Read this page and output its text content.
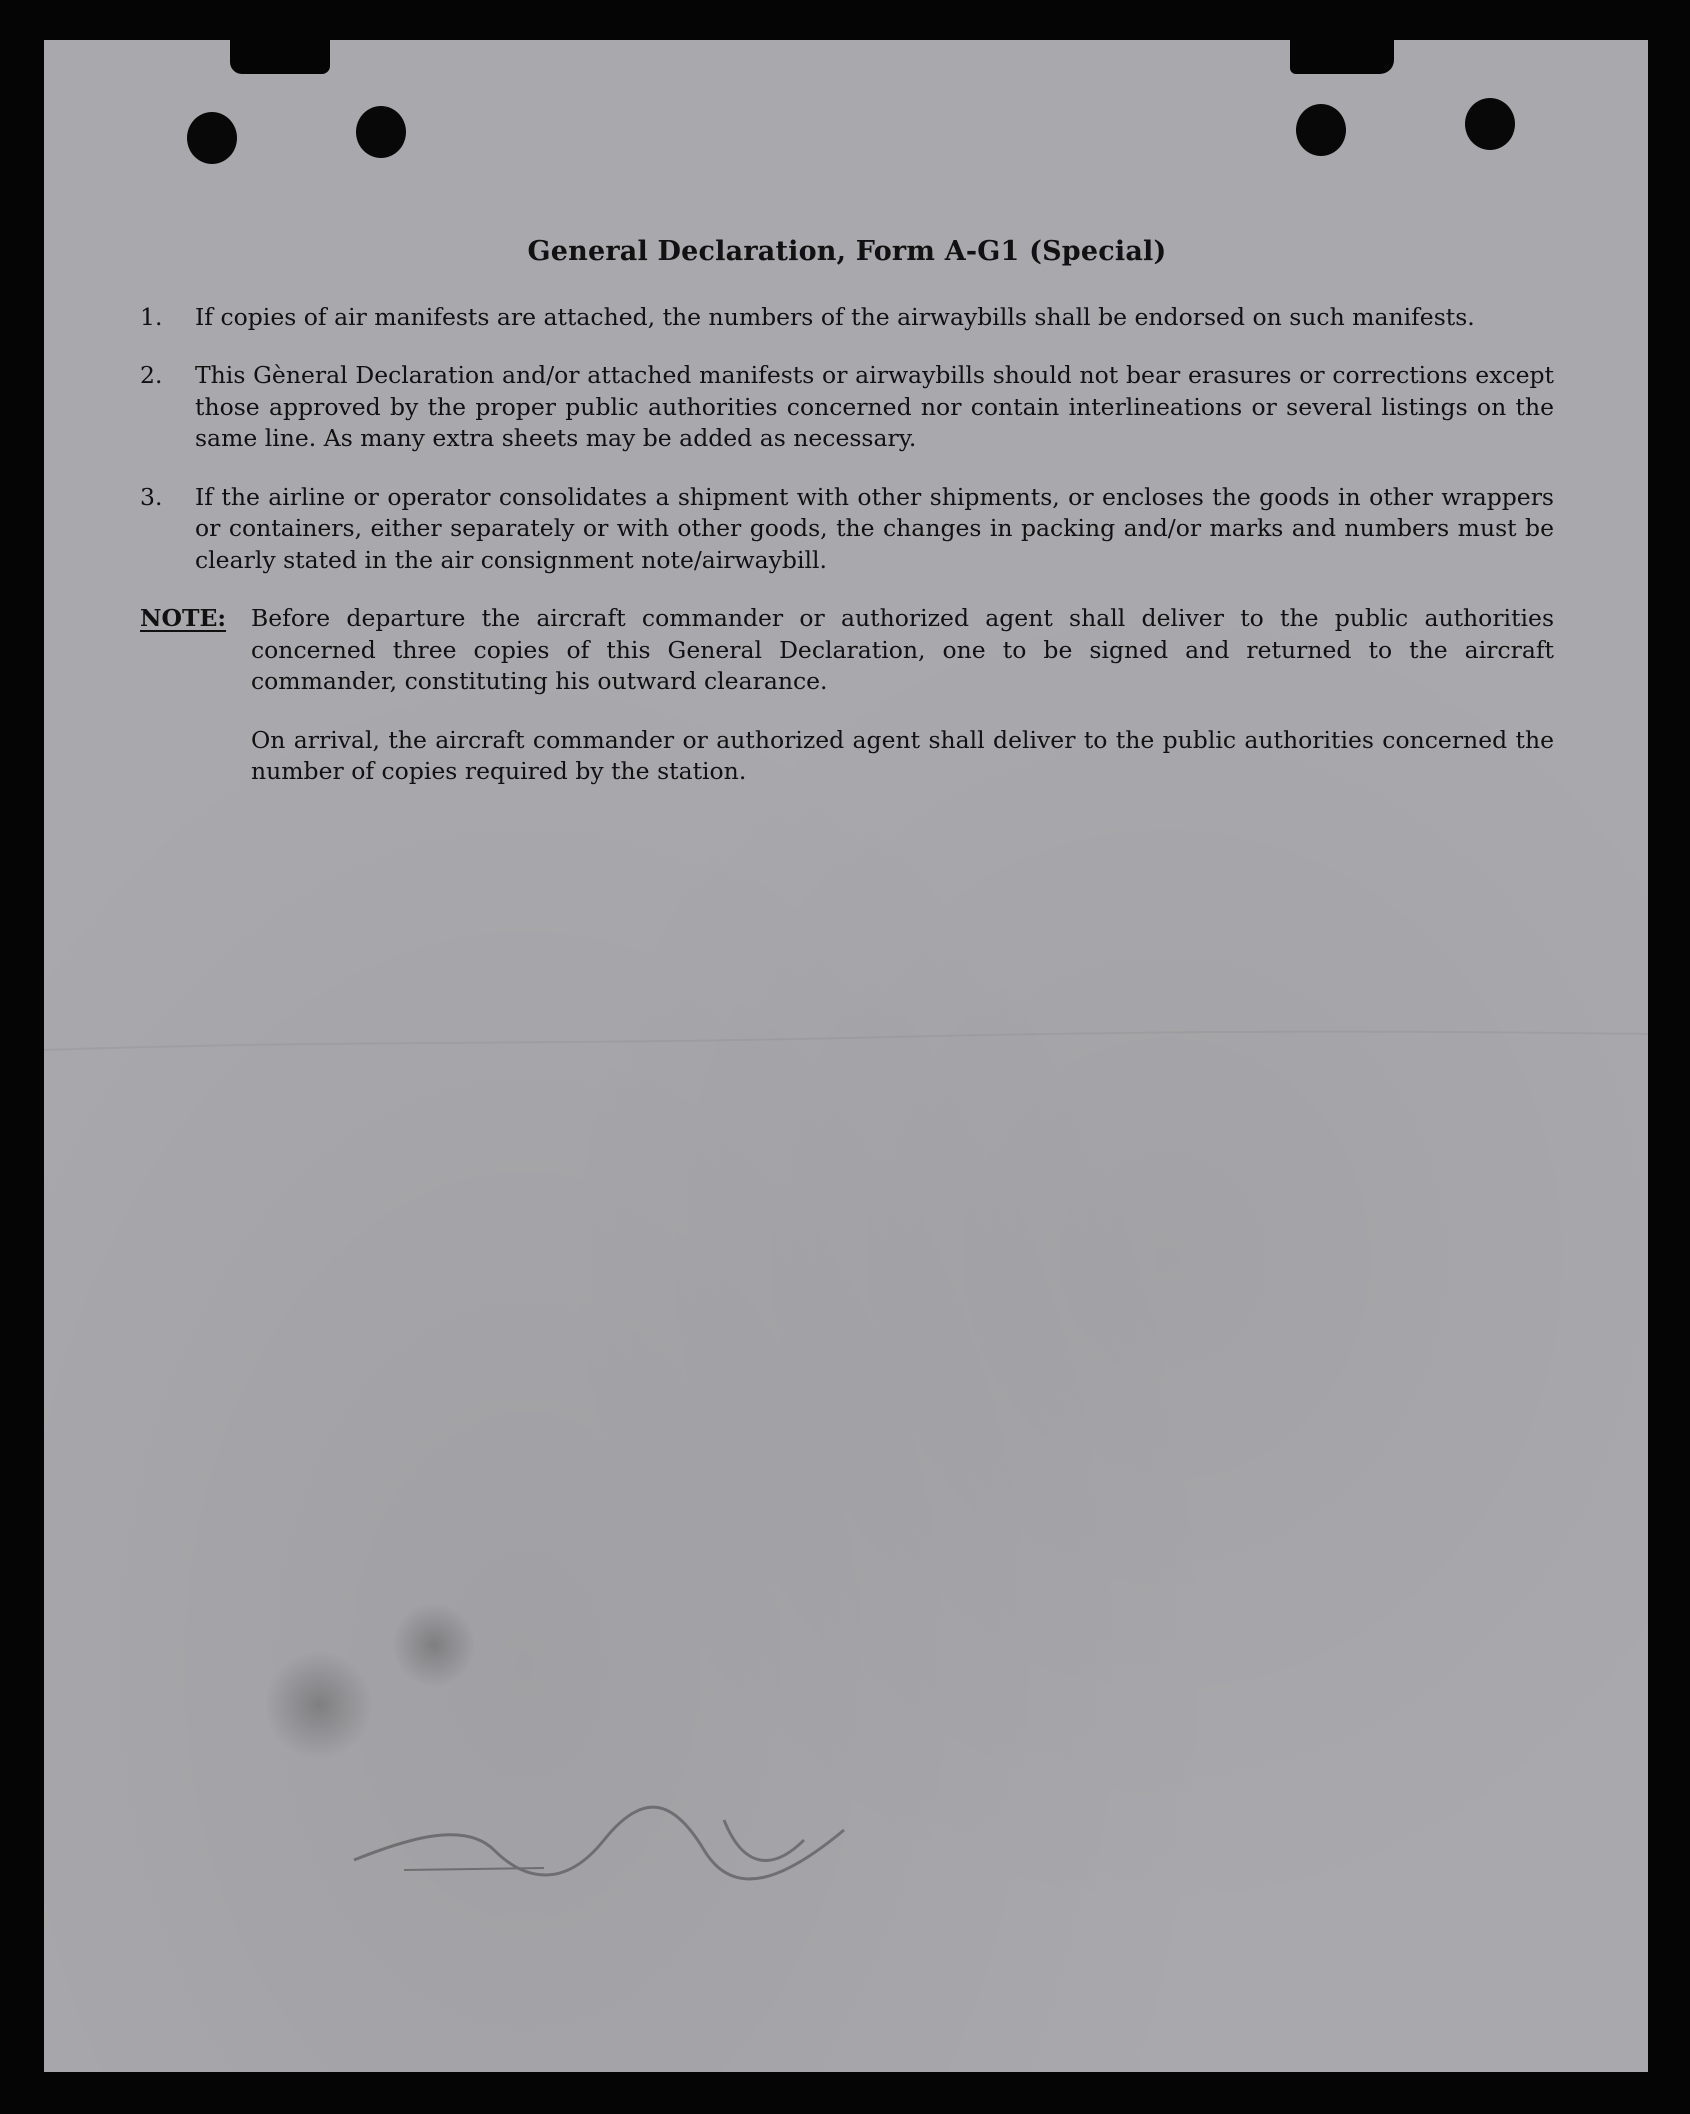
General Declaration, Form A-G1 (Special)
1.	If copies of air manifests are attached, the numbers of the airwaybills shall be endorsed on such manifests.
2.	This Gèneral Declaration and/or attached manifests or airwaybills should not bear erasures or corrections except those approved by the proper public authorities concerned nor contain interlineations or several listings on the same line. As many extra sheets may be added as necessary.
3.	If the airline or operator consolidates a shipment with other shipments, or encloses the goods in other wrappers or containers, either separately or with other goods, the changes in packing and/or marks and numbers must be clearly stated in the air consignment note/airwaybill.
NOTE:	Before departure the aircraft commander or authorized agent shall deliver to the public authorities concerned three copies of this General Declaration, one to be signed and returned to the aircraft commander, constituting his outward clearance.

On arrival, the aircraft commander or authorized agent shall deliver to the public authorities concerned the number of copies required by the station.
